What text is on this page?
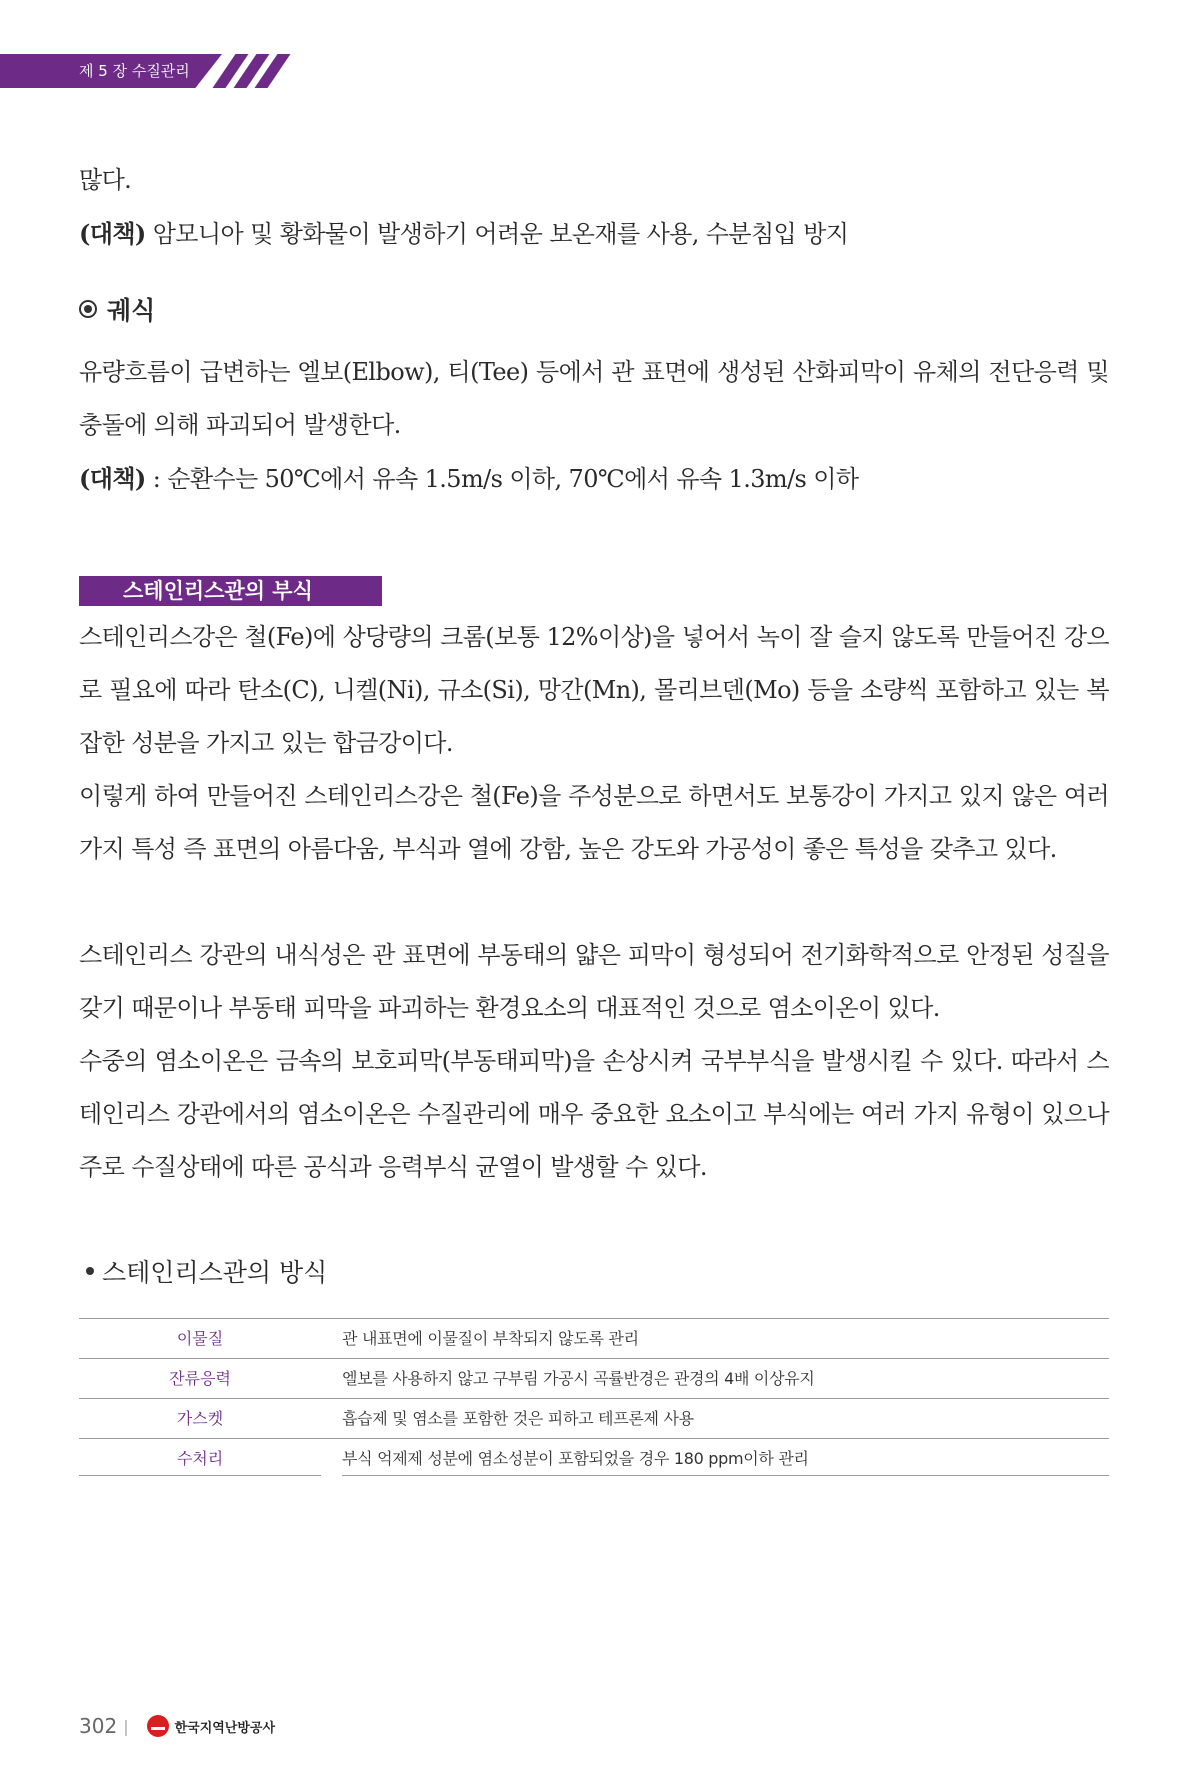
제 5 장 수질관리

많다.

(대책) 암모니아 및 황화물이 발생하기 어려운 보온재를 사용, 수분침입 방지

궤식

유량흐름이 급변하는 엘보(Elbow), 티(Tee) 등에서 관 표면에 생성된 산화피막이 유체의 전단응력 및 충돌에 의해 파괴되어 발생한다.

(대책) : 순환수는 50℃에서 유속 1.5m/s 이하, 70℃에서 유속 1.3m/s 이하

스테인리스관의 부식

스테인리스강은 철(Fe)에 상당량의 크롬(보통 12%이상)을 넣어서 녹이 잘 슬지 않도록 만들어진 강으로 필요에 따라 탄소(C), 니켈(Ni), 규소(Si), 망간(Mn), 몰리브덴(Mo) 등을 소량씩 포함하고 있는 복잡한 성분을 가지고 있는 합금강이다.

이렇게 하여 만들어진 스테인리스강은 철(Fe)을 주성분으로 하면서도 보통강이 가지고 있지 않은 여러 가지 특성 즉 표면의 아름다움, 부식과 열에 강함, 높은 강도와 가공성이 좋은 특성을 갖추고 있다.

스테인리스 강관의 내식성은 관 표면에 부동태의 얇은 피막이 형성되어 전기화학적으로 안정된 성질을 갖기 때문이나 부동태 피막을 파괴하는 환경요소의 대표적인 것으로 염소이온이 있다.

수중의 염소이온은 금속의 보호피막(부동태피막)을 손상시켜 국부부식을 발생시킬 수 있다. 따라서 스테인리스 강관에서의 염소이온은 수질관리에 매우 중요한 요소이고 부식에는 여러 가지 유형이 있으나 주로 수질상태에 따른 공식과 응력부식 균열이 발생할 수 있다.

스테인리스관의 방식
이물질	관 내표면에 이물질이 부착되지 않도록 관리
잔류응력	엘보를 사용하지 않고 구부림 가공시 곡률반경은 관경의 4배 이상유지
가스켓	흡습제 및 염소를 포함한 것은 피하고 테프론제 사용
수처리	부식 억제제 성분에 염소성분이 포함되었을 경우 180 ppm이하 관리
302 |	한국지역난방공사
